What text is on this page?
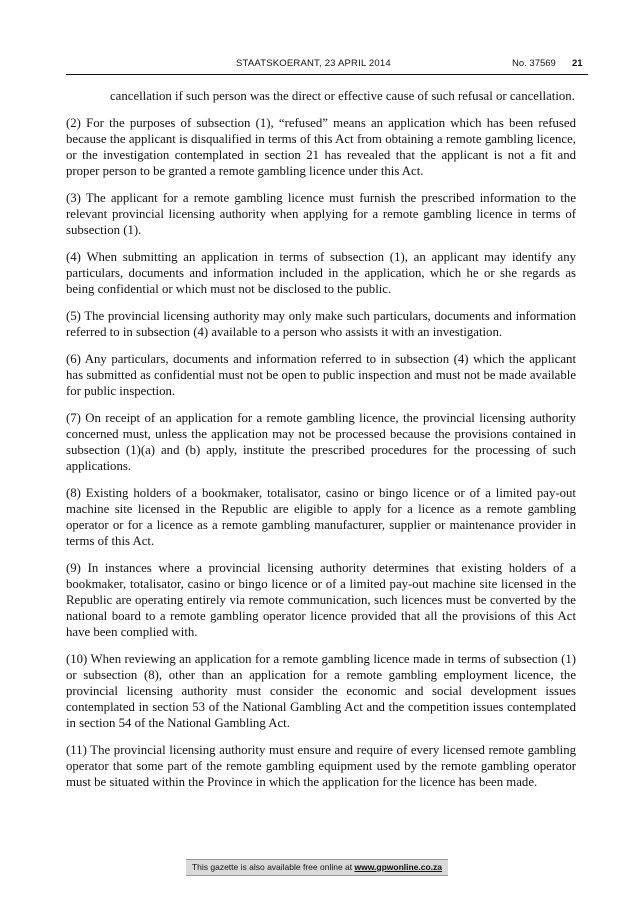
STAATSKOERANT, 23 APRIL 2014	No. 37569 21

cancellation if such person was the direct or effective cause of such refusal or cancellation.

(2) For the purposes of subsection (1), “refused” means an application which has been refused because the applicant is disqualified in terms of this Act from obtaining a remote gambling licence, or the investigation contemplated in section 21 has revealed that the applicant is not a fit and proper person to be granted a remote gambling licence under this Act.

(3) The applicant for a remote gambling licence must furnish the prescribed information to the relevant provincial licensing authority when applying for a remote gambling licence in terms of subsection (1).

(4) When submitting an application in terms of subsection (1), an applicant may identify any particulars, documents and information included in the application, which he or she regards as being confidential or which must not be disclosed to the public.

(5) The provincial licensing authority may only make such particulars, documents and information referred to in subsection (4) available to a person who assists it with an investigation.

(6) Any particulars, documents and information referred to in subsection (4) which the applicant has submitted as confidential must not be open to public inspection and must not be made available for public inspection.

(7) On receipt of an application for a remote gambling licence, the provincial licensing authority concerned must, unless the application may not be processed because the provisions contained in subsection (1)(a) and (b) apply, institute the prescribed procedures for the processing of such applications.

(8) Existing holders of a bookmaker, totalisator, casino or bingo licence or of a limited pay-out machine site licensed in the Republic are eligible to apply for a licence as a remote gambling operator or for a licence as a remote gambling manufacturer, supplier or maintenance provider in terms of this Act.

(9) In instances where a provincial licensing authority determines that existing holders of a bookmaker, totalisator, casino or bingo licence or of a limited pay-out machine site licensed in the Republic are operating entirely via remote communication, such licences must be converted by the national board to a remote gambling operator licence provided that all the provisions of this Act have been complied with.

(10) When reviewing an application for a remote gambling licence made in terms of subsection (1) or subsection (8), other than an application for a remote gambling employment licence, the provincial licensing authority must consider the economic and social development issues contemplated in section 53 of the National Gambling Act and the competition issues contemplated in section 54 of the National Gambling Act.

(11) The provincial licensing authority must ensure and require of every licensed remote gambling operator that some part of the remote gambling equipment used by the remote gambling operator must be situated within the Province in which the application for the licence has been made.

This gazette is also available free online at www.gpwonline.co.za
